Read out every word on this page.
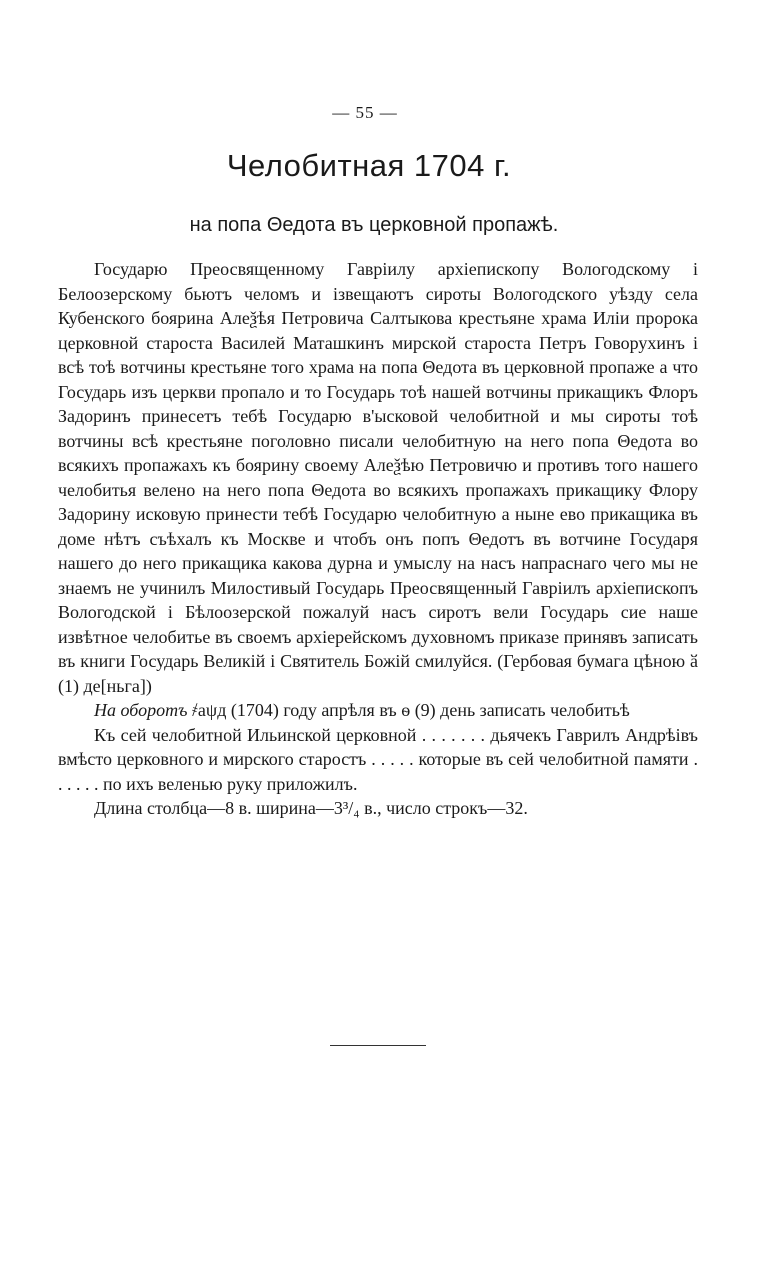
— 55 —
Челобитная 1704 г.
на попа Θедота въ церковной пропажѣ.

Государю Преосвященному Гаврiилу архiепископу Вологодскому i Белоозерскому бьютъ челомъ и iзвещаютъ сироты Вологодского уѣзду села Кубенского боярина Алеѯѣя Петровича Салтыкова крестьяне храма Илiи пророка церковной староста Василей Маташкинъ мирской староста Петръ Говорухинъ i всѣ тоѣ вотчины крестьяне того храма на попа Θедота въ церковной пропаже а что Государь изъ церкви пропало и то Государь тоѣ нашей вотчины прикащикъ Флоръ Задоринъ принесетъ тебѣ Государю в'ысковой челобитной и мы сироты тоѣ вотчины всѣ крестьяне поголовно писали челобитную на него попа Θедота во всякихъ пропажахъ къ боярину своему Алеѯѣю Петровичю и противъ того нашего челобитья велено на него попа Θедота во всякихъ пропажахъ прикащику Флору Задорину исковую принести тебѣ Государю челобитную а ныне ево прикащика въ доме нѣтъ съѣхалъ къ Москве и чтобъ онъ попъ Θедотъ въ вотчине Государя нашего до него прикащика какова дурна и умыслу на насъ напраснаго чего мы не знаемъ не учинилъ Милостивый Государь Преосвященный Гаврiилъ архiепископъ Вологодской i Бѣлоозерской пожалуй насъ сиротъ вели Государь сие наше извѣтное челобитье въ своемъ архiерейскомъ духовномъ приказе принявъ записать въ книги Государь Великiй i Святитель Божiй смилуйся. (Гербовая бумага цѣною ӑ (1) де[ньга])

На оборотъ ҂аψд (1704) году апрѣля въ ѳ (9) день записать челобитьѣ

Къ сей челобитной Ильинской церковной . . . . . . . дьячекъ Гаврилъ Андрѣiвъ вмѣсто церковного и мирского старостъ . . . . . которые въ сей челобитной памяти . . . . . . по ихъ веленью руку приложилъ.

Длина столбца—8 в. ширина—3³/₄ в., число строкъ—32.
